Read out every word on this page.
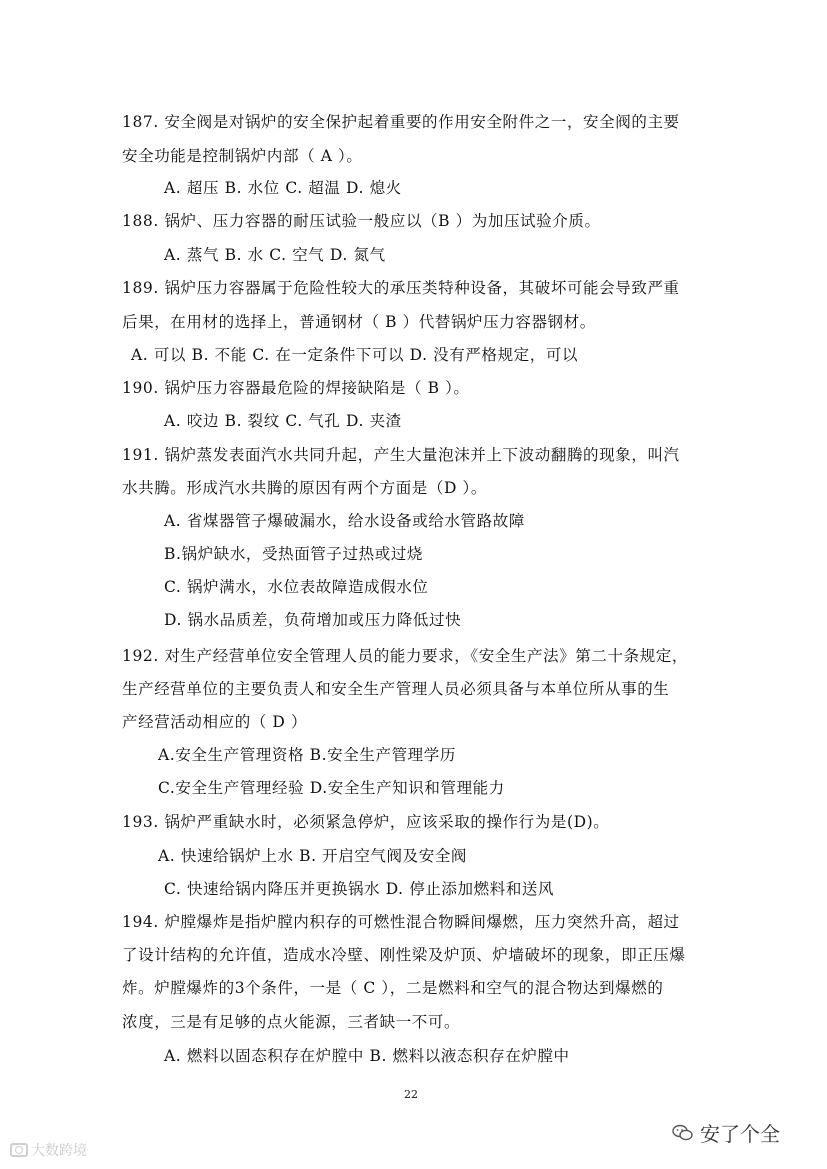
187. 安全阀是对锅炉的安全保护起着重要的作用安全附件之一，安全阀的主要
安全功能是控制锅炉内部（ A ）。
A. 超压 B. 水位 C. 超温 D. 熄火
188. 锅炉、压力容器的耐压试验一般应以（B ）为加压试验介质。
A. 蒸气 B. 水 C. 空气 D. 氮气
189. 锅炉压力容器属于危险性较大的承压类特种设备，其破坏可能会导致严重
后果，在用材的选择上，普通钢材（ B ）代替锅炉压力容器钢材。
A. 可以 B. 不能 C. 在一定条件下可以 D. 没有严格规定，可以
190. 锅炉压力容器最危险的焊接缺陷是（ B ）。
A. 咬边 B. 裂纹 C. 气孔 D. 夹渣
191. 锅炉蒸发表面汽水共同升起，产生大量泡沫并上下波动翻腾的现象，叫汽
水共腾。形成汽水共腾的原因有两个方面是（D ）。
A. 省煤器管子爆破漏水，给水设备或给水管路故障
B.锅炉缺水，受热面管子过热或过烧
C. 锅炉满水，水位表故障造成假水位
D. 锅水品质差，负荷增加或压力降低过快
192. 对生产经营单位安全管理人员的能力要求，《安全生产法》第二十条规定，
生产经营单位的主要负责人和安全生产管理人员必须具备与本单位所从事的生
产经营活动相应的（ D ）
A.安全生产管理资格 B.安全生产管理学历
C.安全生产管理经验 D.安全生产知识和管理能力
193. 锅炉严重缺水时，必须紧急停炉，应该采取的操作行为是(D)。
A. 快速给锅炉上水 B. 开启空气阀及安全阀
C. 快速给锅内降压并更换锅水 D. 停止添加燃料和送风
194. 炉膛爆炸是指炉膛内积存的可燃性混合物瞬间爆燃，压力突然升高，超过
了设计结构的允许值，造成水冷壁、刚性梁及炉顶、炉墙破坏的现象，即正压爆
炸。炉膛爆炸的3个条件，一是（ C ），二是燃料和空气的混合物达到爆燃的
浓度，三是有足够的点火能源，三者缺一不可。
A. 燃料以固态积存在炉膛中 B. 燃料以液态积存在炉膛中
22
大数跨境
安了个全
